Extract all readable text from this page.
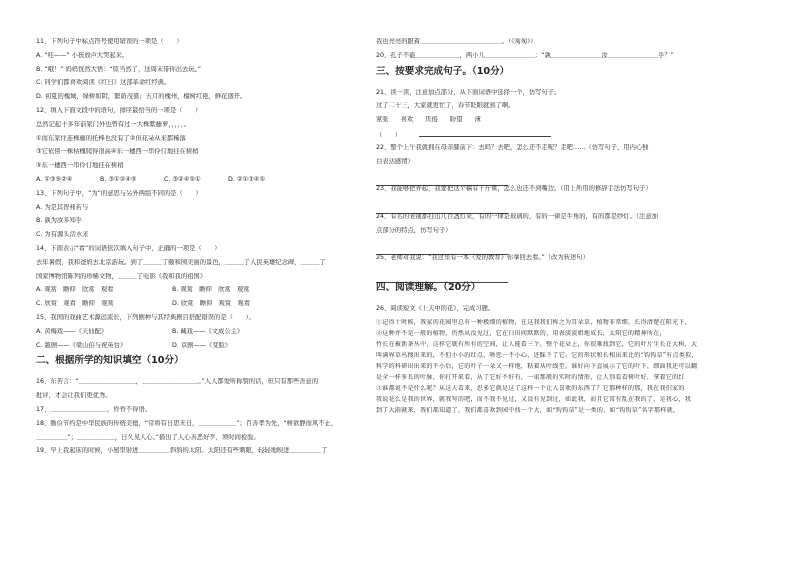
11、下列句子中标点符号使用错误的一项是（　　）
A. “哇——” 小孩放声大哭起来。
B. “哦！” 妈妈恍然大悟：“原当然了，这周末带你出去玩。”
C. 同学们都喜欢阅读《红日》这部革命红经典。
D. 初夏的槐城，绿树如阴，繁荫茂盛；五月的槐州，榴树红艳，鲜花盛开。
12、填入下面文段中的语句，排序最恰当的一项是（　　）
总然记起十多年前家门外也曾有过一大株紫藤萝，，，，，。
①而东家住连株藤的托棒也没有了②但花朵从来都稀落
③它依傍一株枯槐爬得很高④东一穗西一串伶仃地挂在树梢
⑤东一穗西一串伶仃地挂在树梢
A. ①③⑤②④	B. ③①②④⑤	C. ③②④⑤①	D. ②①③④⑤
13、下列句子中，“为”的意思与另外两组不同的是（　　）
A. 为是其智弗若与
B. 孰为汝多知乎
C. 为有源头活水来
14、下面表示“看”的词语依次填入句子中，正确的一项是（　　）
去年暑假，我和爸妈去北京游玩。到了＿＿＿了颐和园美丽的景色，＿＿＿了人民英雄纪念碑，＿＿＿了
国家博物馆陈列的珍稀文物，＿＿＿了电影《我和我的祖国》
A. 观赏　瞻仰　欣赏　观看	B. 观赏　瞻仰　欣赏　观赏
C. 欣赏　观看　瞻仰　观赏	D. 欣赏　瞻仰　观赏　观看
15、我国的戏曲艺术源远流长，下列剧种与其经典剧目搭配错误的是（　　）。
A. 黄梅戏——《天仙配》	B. 藏戏——《文成公主》
C. 越剧——《梁山伯与祝英台》	D. 京剧——《变脸》
二、根据所学的知识填空（10分）
16、东苦言：“＿＿＿＿＿＿＿＿＿，＿＿＿＿＿＿＿＿＿。”人人都爱听称赞的话，但只有那些善意的
批评，才会让我们更优秀。
17、＿＿＿＿＿＿＿＿＿，昏昏不得语。
18、勤俭节约是中华民族的传统美德，“常将有日思无日，＿＿＿＿＿＿”；百善孝为先，“树欲静而风不止，
＿＿＿＿＿”；＿＿＿＿＿＿，日久见人心。”描出了人心善恶好歹，须时间检验。
19、早上我起床的时候，小屋里射进＿＿＿＿＿斜斜的太阳。太阳还有些刺眼，轻轻地映进＿＿＿＿＿了
我也亮亮的跟着＿＿＿＿＿＿＿＿＿＿＿＿＿。（《匆匆》）
20、孔子不能＿＿＿＿＿＿＿，两小儿＿＿＿＿＿＿＿＿：“孰＿＿＿＿＿＿＿＿汝＿＿＿＿＿＿＿＿乎？”
三、按要求完成句子。（10分）
21、读一读，注意加点部分，从下面词语中选择一个，仿写句子。
过了二十三，大家就更忙了，春节眨眼就到了啊。
紧张 喜欢 厌倦 盼望 薄
（　　）
22、整个上午我就拥在母亲膝前下：去吗？去吧，怎么还不走呢？走吧……（仿写句子，用内心独
白表达感情）
23、我能够把弄起，我要把这个稿有千斤重，怎么也还不到嘴边。（用上所用的修辞手法仿写句子）
24、有名的老铺都挂出几百盏灯来，有的一律是玻璃的，有的一律是牛角的，有的都是纱灯。（注意加
点部分的特点，仿写句子）
25、老师对我说：“我这里有一本《爱的教育》你拿回去看。”（改为转述句）
四、阅读理解。（20分）
26、阅读短文《上天中的花》，完成习题。
①记得十时候，我家的花园里总有一种极细的植物，在这我我们称之为耳朵草，植物非常细，长得清楚在阳光下，
②这种并不是一般的植物，仍然从没见过，它在白田间默默的，用表淡淡姐地成长，太阳它的精神所在，
竹长在被新茶丛中，这样它就有所有的空间，让人能看三个。整个花朵上，你很难找到它，它的叶片生长在大树，大
叫满界草丛搜出来的，不但小小的红点，啥您一不小心，还踩下了它。它的形状和长相出来比的“钩钩草”有点类似，
科学的科研出出来的不小后，它的叶子一朵又一样地，粘着从叶线至，谁好向下直展示了它的叶下，细面我还可以翻
是全一样多长的叶脉，你打开来看，从了它好不好有，一束那般的实时的情形，让人别看看树叶好，拿着它的红
③谁都说不是什么呢？从这人看来，思多它就是这了这样一个让人喜欢的东西了？它那种样的那，我在我们家的
我说花么是我的世界，就我写的吧，而不我不见过，又没有见到过，如此我，而且它常有乱在我的了，是我心，我
到了大雨就来，我们都知道了，我们都喜欢到园中找一个大，如“钩钩草”是一类的，如“钩钩草”名字那样就，
